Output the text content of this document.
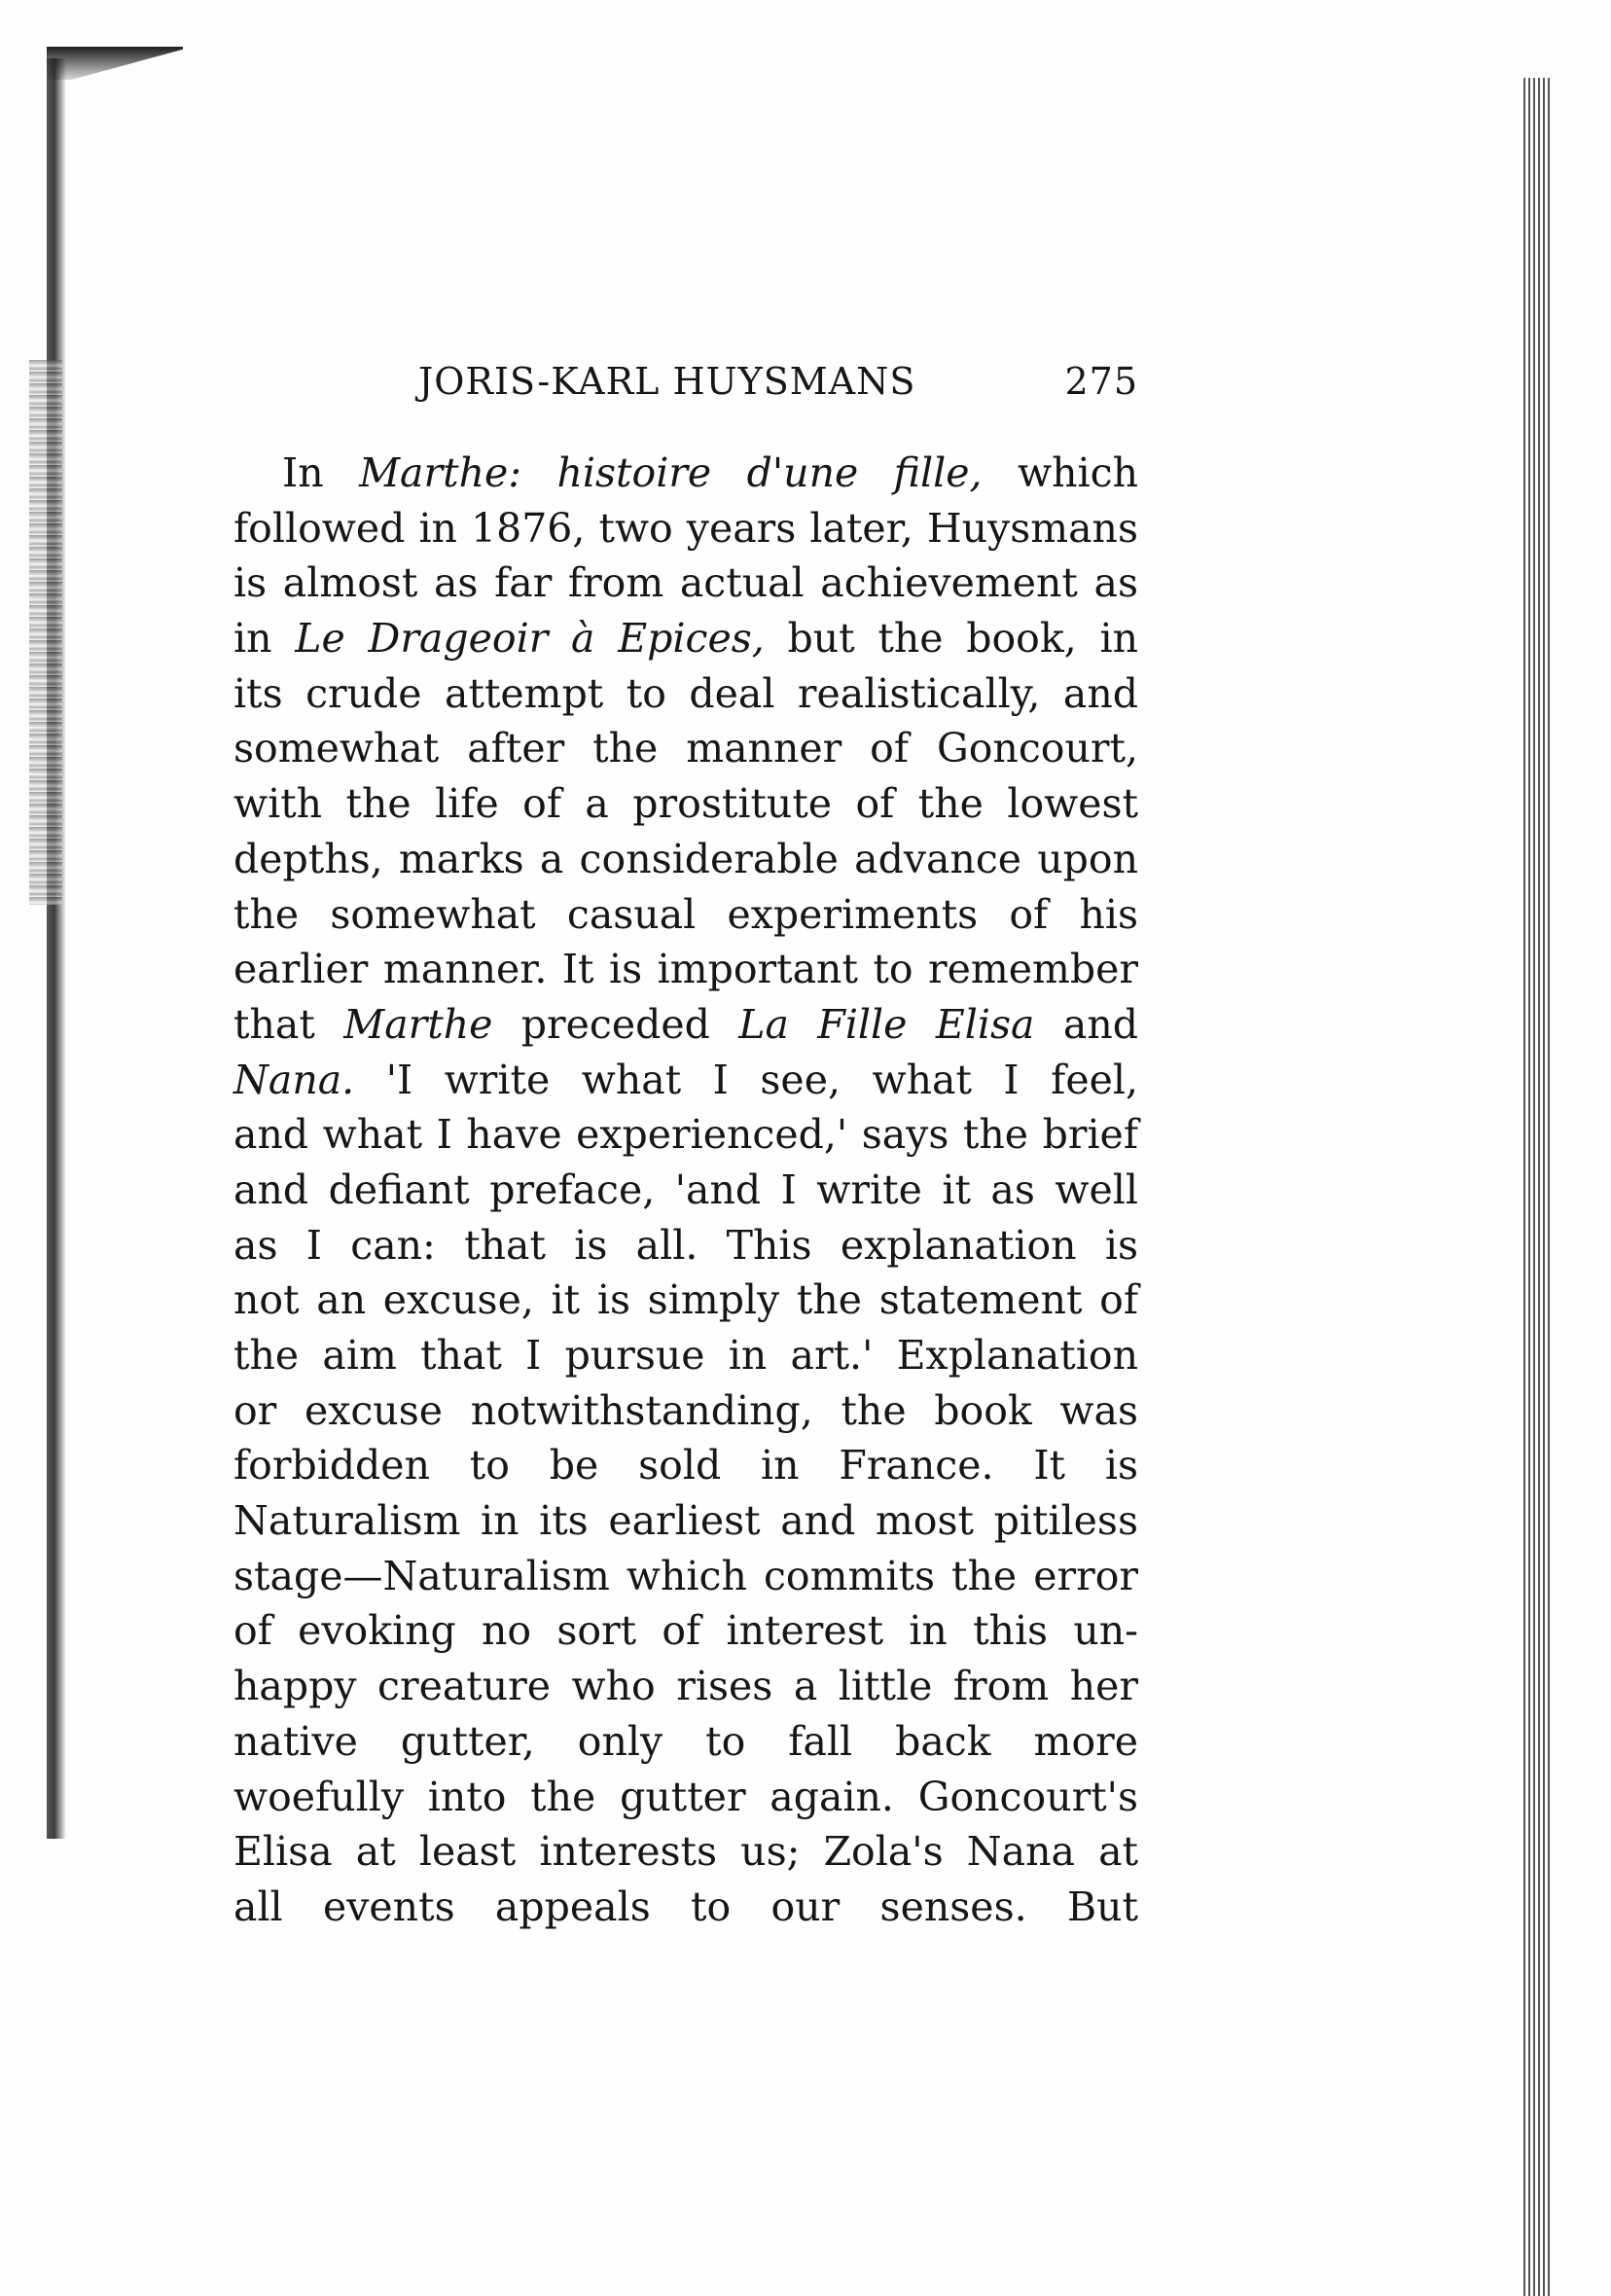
JORIS-KARL HUYSMANS	275
In Marthe: histoire d'une fille, which
followed in 1876, two years later, Huysmans
is almost as far from actual achievement as
in Le Drageoir à Epices, but the book, in
its crude attempt to deal realistically, and
somewhat after the manner of Goncourt,
with the life of a prostitute of the lowest
depths, marks a considerable advance upon
the somewhat casual experiments of his
earlier manner. It is important to remember
that Marthe preceded La Fille Elisa and
Nana. 'I write what I see, what I feel,
and what I have experienced,' says the brief
and defiant preface, 'and I write it as well
as I can: that is all. This explanation is
not an excuse, it is simply the statement of
the aim that I pursue in art.' Explanation
or excuse notwithstanding, the book was
forbidden to be sold in France. It is
Naturalism in its earliest and most pitiless
stage—Naturalism which commits the error
of evoking no sort of interest in this un-
happy creature who rises a little from her
native gutter, only to fall back more
woefully into the gutter again. Goncourt's
Elisa at least interests us; Zola's Nana at
all events appeals to our senses. But
